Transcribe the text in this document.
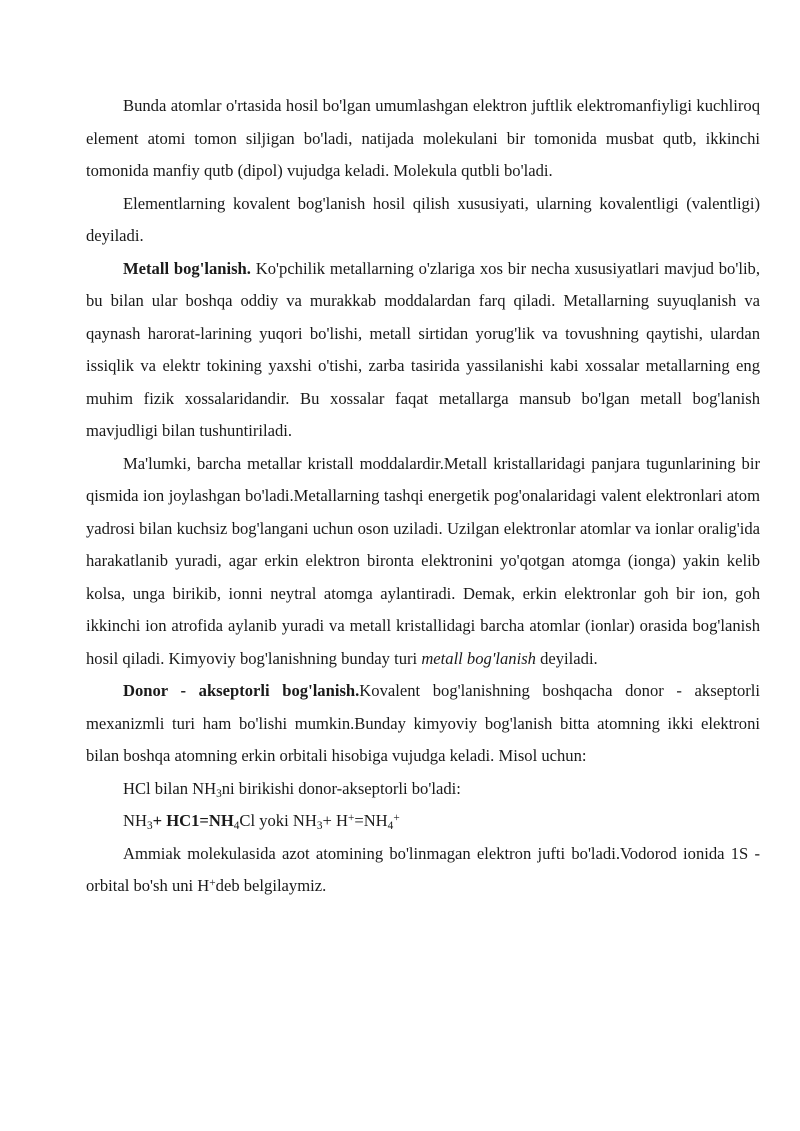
Bunda atomlar o'rtasida hosil bo'lgan umumlashgan elektron juftlik elektromanfiyligi kuchliroq element atomi tomon siljigan bo'ladi, natijada molekulani bir tomonida musbat qutb, ikkinchi tomonida manfiy qutb (dipol) vujudga keladi. Molekula qutbli bo'ladi.

Elementlarning kovalent bog'lanish hosil qilish xususiyati, ularning kovalentligi (valentligi) deyiladi.

Metall bog'lanish. Ko'pchilik metallarning o'zlariga xos bir necha xususiyatlari mavjud bo'lib, bu bilan ular boshqa oddiy va murakkab moddalardan farq qiladi. Metallarning suyuqlanish va qaynash harorat-larining yuqori bo'lishi, metall sirtidan yorug'lik va tovushning qaytishi, ulardan issiqlik va elektr tokining yaxshi o'tishi, zarba tasirida yassilanishi kabi xossalar metallarning eng muhim fizik xossalaridandir. Bu xossalar faqat metallarga mansub bo'lgan metall bog'lanish mavjudligi bilan tushuntiriladi.

Ma'lumki, barcha metallar kristall moddalardir.Metall kristallaridagi panjara tugunlarining bir qismida ion joylashgan bo'ladi.Metallarning tashqi energetik pog'onalaridagi valent elektronlari atom yadrosi bilan kuchsiz bog'langani uchun oson uziladi. Uzilgan elektronlar atomlar va ionlar oralig'ida harakatlanib yuradi, agar erkin elektron bironta elektronini yo'qotgan atomga (ionga) yakin kelib kolsa, unga birikib, ionni neytral atomga aylantiradi. Demak, erkin elektronlar goh bir ion, goh ikkinchi ion atrofida aylanib yuradi va metall kristallidagi barcha atomlar (ionlar) orasida bog'lanish hosil qiladi. Kimyoviy bog'lanishning bunday turi metall bog'lanish deyiladi.

Donor - akseptorli bog'lanish.Kovalent bog'lanishning boshqacha donor - akseptorli mexanizmli turi ham bo'lishi mumkin.Bunday kimyoviy bog'lanish bitta atomning ikki elektroni bilan boshqa atomning erkin orbitali hisobiga vujudga keladi. Misol uchun:

HCl bilan $NH_3ni$ birikishi donor-akseptorli bo'ladi:

$NH_3+ HC1=NH_4Cl$ yoki $NH_3+ H^+=NH_4^+$

Ammiak molekulasida azot atomining bo'linmagan elektron jufti bo'ladi.Vodorod ionida 1S - orbital bo'sh uni H+deb belgilaymiz.
